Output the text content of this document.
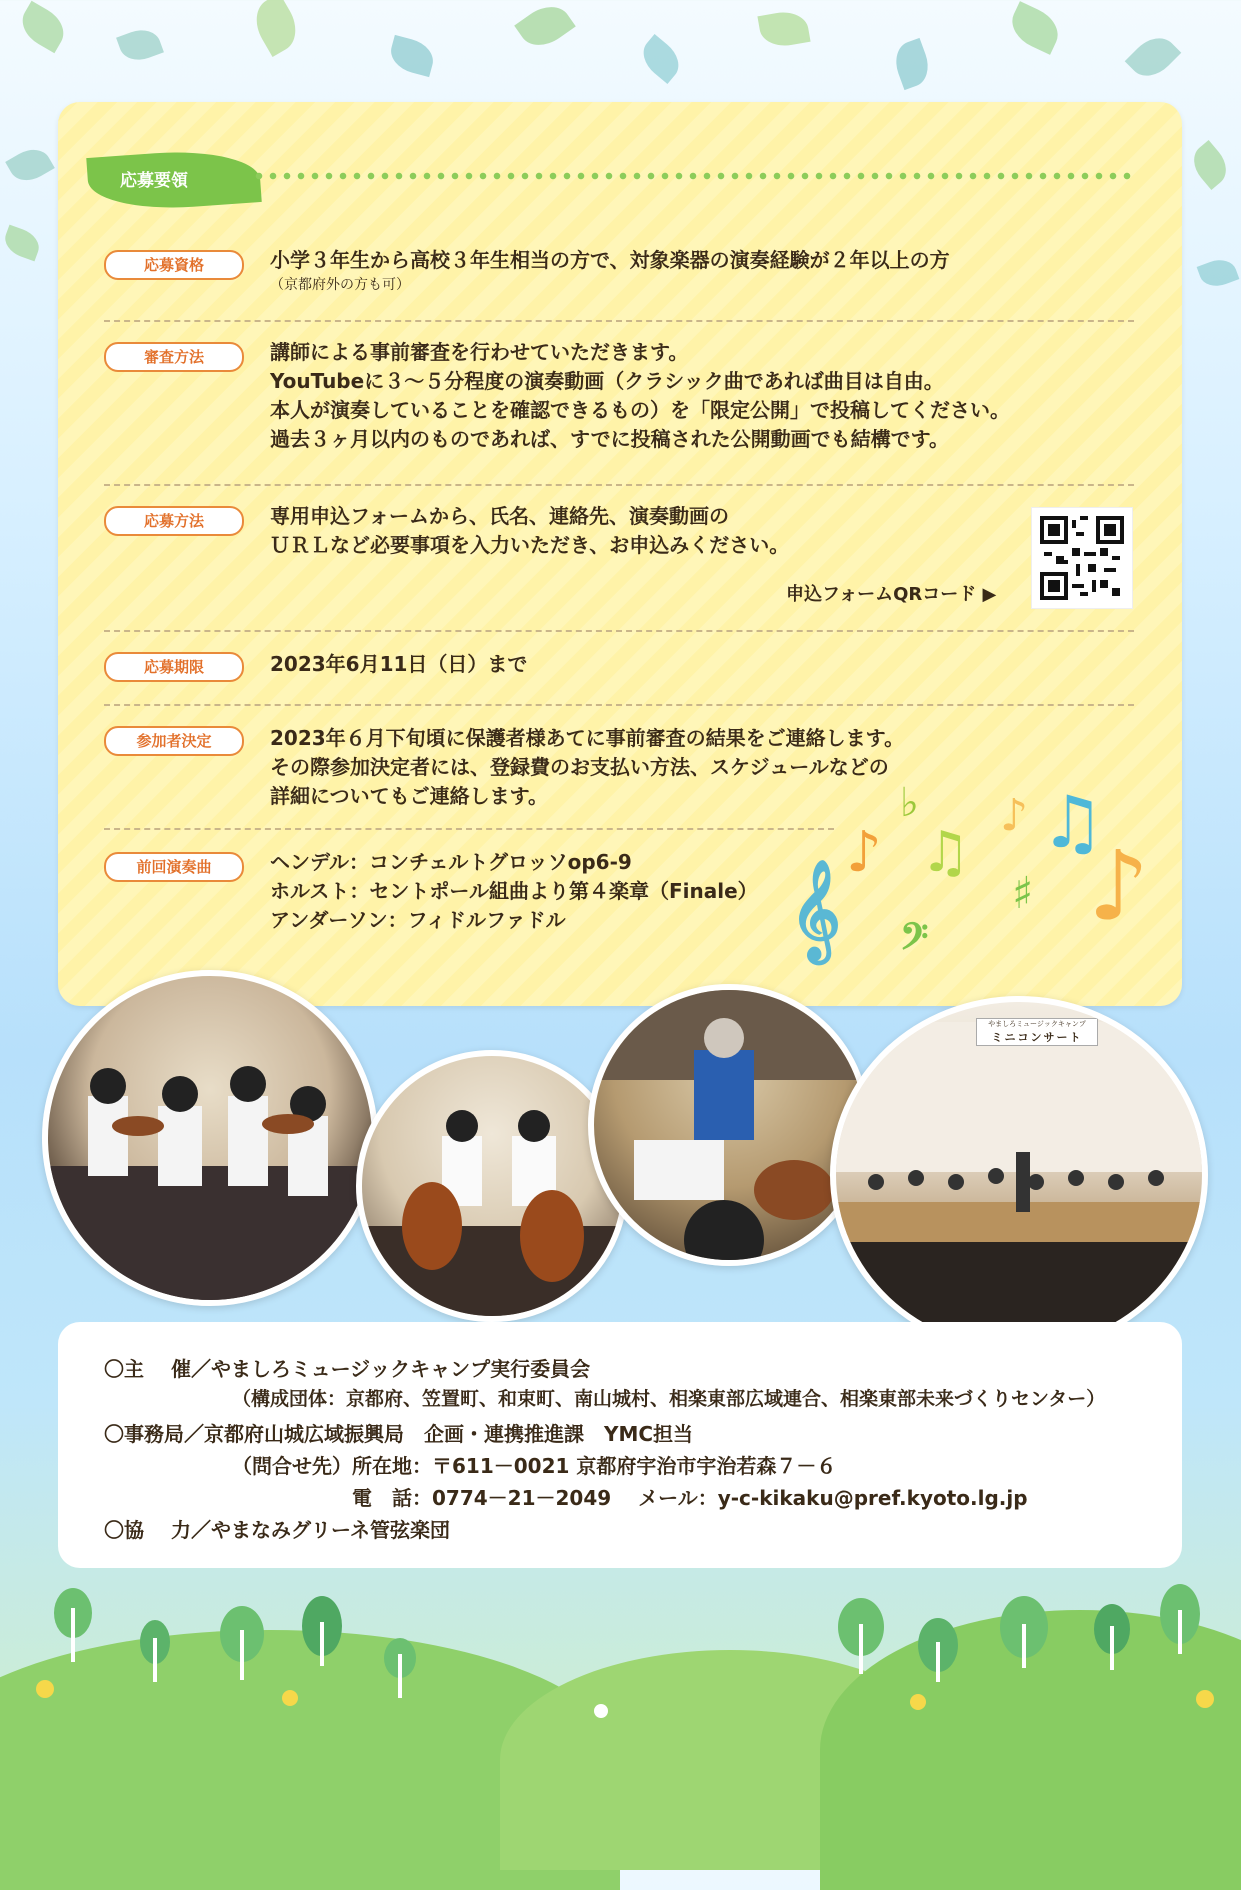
応募要領
応募資格	小学３年生から高校３年生相当の方で、対象楽器の演奏経験が２年以上の方
（京都府外の方も可）
審査方法	講師による事前審査を行わせていただきます。
YouTubeに３～５分程度の演奏動画（クラシック曲であれば曲目は自由。
本人が演奏していることを確認できるもの）を「限定公開」で投稿してください。
過去３ヶ月以内のものであれば、すでに投稿された公開動画でも結構です。
応募方法	専用申込フォームから、氏名、連絡先、演奏動画の
ＵＲＬなど必要事項を入力いただき、お申込みください。
申込フォームQRコード ▶
応募期限	2023年6月11日（日）まで
参加者決定	2023年６月下旬頃に保護者様あてに事前審査の結果をご連絡します。
その際参加決定者には、登録費のお支払い方法、スケジュールなどの
詳細についてもご連絡します。
前回演奏曲	ヘンデル：コンチェルトグロッソop6-9
ホルスト：セントポール組曲より第４楽章（Finale）
アンダーソン：フィドルファドル
♪
♭
♫
♪ ♫
♯
𝄞 𝄢 ♪
やましろミュージックキャンプ
ミニコンサート
〇主　 催／やましろミュージックキャンプ実行委員会
（構成団体：京都府、笠置町、和束町、南山城村、相楽東部広域連合、相楽東部未来づくりセンター）
〇事務局／京都府山城広域振興局　企画・連携推進課　YMC担当
（問合せ先）所在地：〒611－0021 京都府宇治市宇治若森７－６
電　話：0774－21－2049　 メール：y-c-kikaku@pref.kyoto.lg.jp
〇協　 力／やまなみグリーネ管弦楽団
